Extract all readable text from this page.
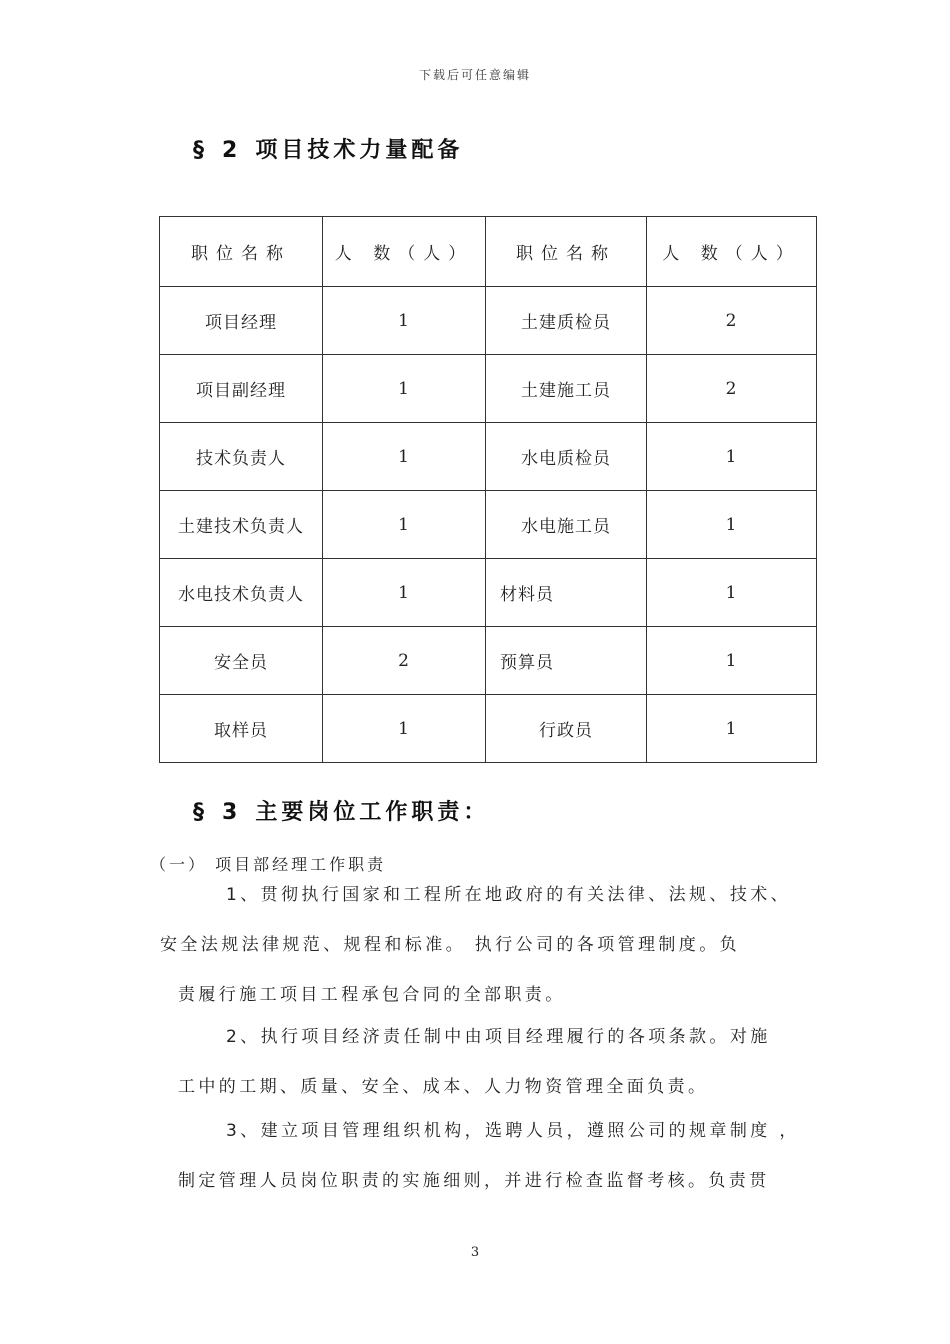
下载后可任意编辑
§ 2 项目技术力量配备
职位名称	人 数（人）	职位名称	人 数（人）
项目经理	1	土建质检员	2
项目副经理	1	土建施工员	2
技术负责人	1	水电质检员	1
土建技术负责人	1	水电施工员	1
水电技术负责人	1	材料员	1
安全员	2	预算员	1
取样员	1	行政员	1
§ 3 主要岗位工作职责：
（一） 项目部经理工作职责
1、贯彻执行国家和工程所在地政府的有关法律、法规、技术、
安全法规法律规范、规程和标准。 执行公司的各项管理制度。负
责履行施工项目工程承包合同的全部职责。
2、执行项目经济责任制中由项目经理履行的各项条款。对施
工中的工期、质量、安全、成本、人力物资管理全面负责。
3、建立项目管理组织机构，选聘人员，遵照公司的规章制度 ，
制定管理人员岗位职责的实施细则，并进行检查监督考核。负责贯
3
